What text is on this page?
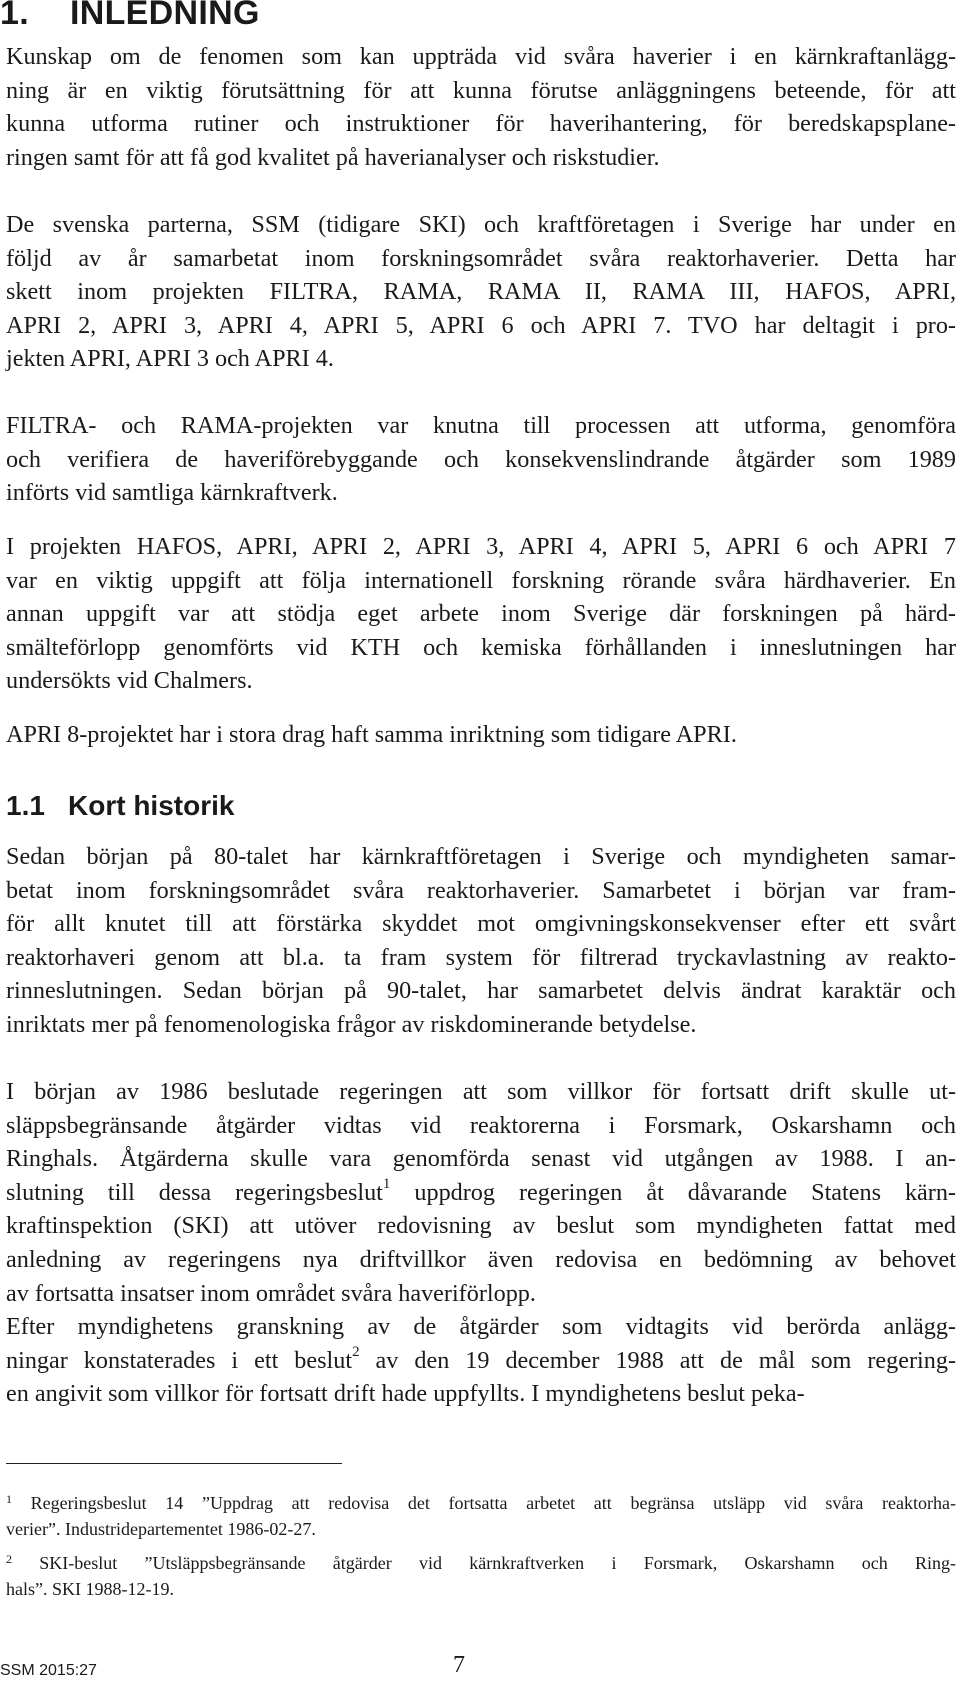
1. INLEDNING
Kunskap om de fenomen som kan uppträda vid svåra haverier i en kärnkraftanlägg-
ning är en viktig förutsättning för att kunna förutse anläggningens beteende, för att
kunna utforma rutiner och instruktioner för haverihantering, för beredskapsplane-
ringen samt för att få god kvalitet på haverianalyser och riskstudier.
De svenska parterna, SSM (tidigare SKI) och kraftföretagen i Sverige har under en
följd av år samarbetat inom forskningsområdet svåra reaktorhaverier. Detta har
skett inom projekten FILTRA, RAMA, RAMA II, RAMA III, HAFOS, APRI,
APRI 2, APRI 3, APRI 4, APRI 5, APRI 6 och APRI 7. TVO har deltagit i pro-
jekten APRI, APRI 3 och APRI 4.
FILTRA- och RAMA-projekten var knutna till processen att utforma, genomföra
och verifiera de haveriförebyggande och konsekvenslindrande åtgärder som 1989
införts vid samtliga kärnkraftverk.
I projekten HAFOS, APRI, APRI 2, APRI 3, APRI 4, APRI 5, APRI 6 och APRI 7
var en viktig uppgift att följa internationell forskning rörande svåra härdhaverier. En
annan uppgift var att stödja eget arbete inom Sverige där forskningen på härd-
smälteförlopp genomförts vid KTH och kemiska förhållanden i inneslutningen har
undersökts vid Chalmers.
APRI 8-projektet har i stora drag haft samma inriktning som tidigare APRI.
1.1 Kort historik
Sedan början på 80-talet har kärnkraftföretagen i Sverige och myndigheten samar-
betat inom forskningsområdet svåra reaktorhaverier. Samarbetet i början var fram-
för allt knutet till att förstärka skyddet mot omgivningskonsekvenser efter ett svårt
reaktorhaveri genom att bl.a. ta fram system för filtrerad tryckavlastning av reakto-
rinneslutningen. Sedan början på 90-talet, har samarbetet delvis ändrat karaktär och
inriktats mer på fenomenologiska frågor av riskdominerande betydelse.
I början av 1986 beslutade regeringen att som villkor för fortsatt drift skulle ut-
släppsbegränsande åtgärder vidtas vid reaktorerna i Forsmark, Oskarshamn och
Ringhals. Åtgärderna skulle vara genomförda senast vid utgången av 1988. I an-
slutning till dessa regeringsbeslut$^1$ uppdrog regeringen åt dåvarande Statens kärn-
kraftinspektion (SKI) att utöver redovisning av beslut som myndigheten fattat med
anledning av regeringens nya driftvillkor även redovisa en bedömning av behovet
av fortsatta insatser inom området svåra haveriförlopp.
Efter myndighetens granskning av de åtgärder som vidtagits vid berörda anlägg-
ningar konstaterades i ett beslut$^2$ av den 19 december 1988 att de mål som regering-
en angivit som villkor för fortsatt drift hade uppfyllts. I myndighetens beslut peka-
$^1$ Regeringsbeslut 14 ”Uppdrag att redovisa det fortsatta arbetet att begränsa utsläpp vid svåra reaktorha-
verier”. Industridepartementet 1986-02-27.
$^2$ SKI-beslut ”Utsläppsbegränsande åtgärder vid kärnkraftverken i Forsmark, Oskarshamn och Ring-
hals”. SKI 1988-12-19.
SSM 2015:27	7
